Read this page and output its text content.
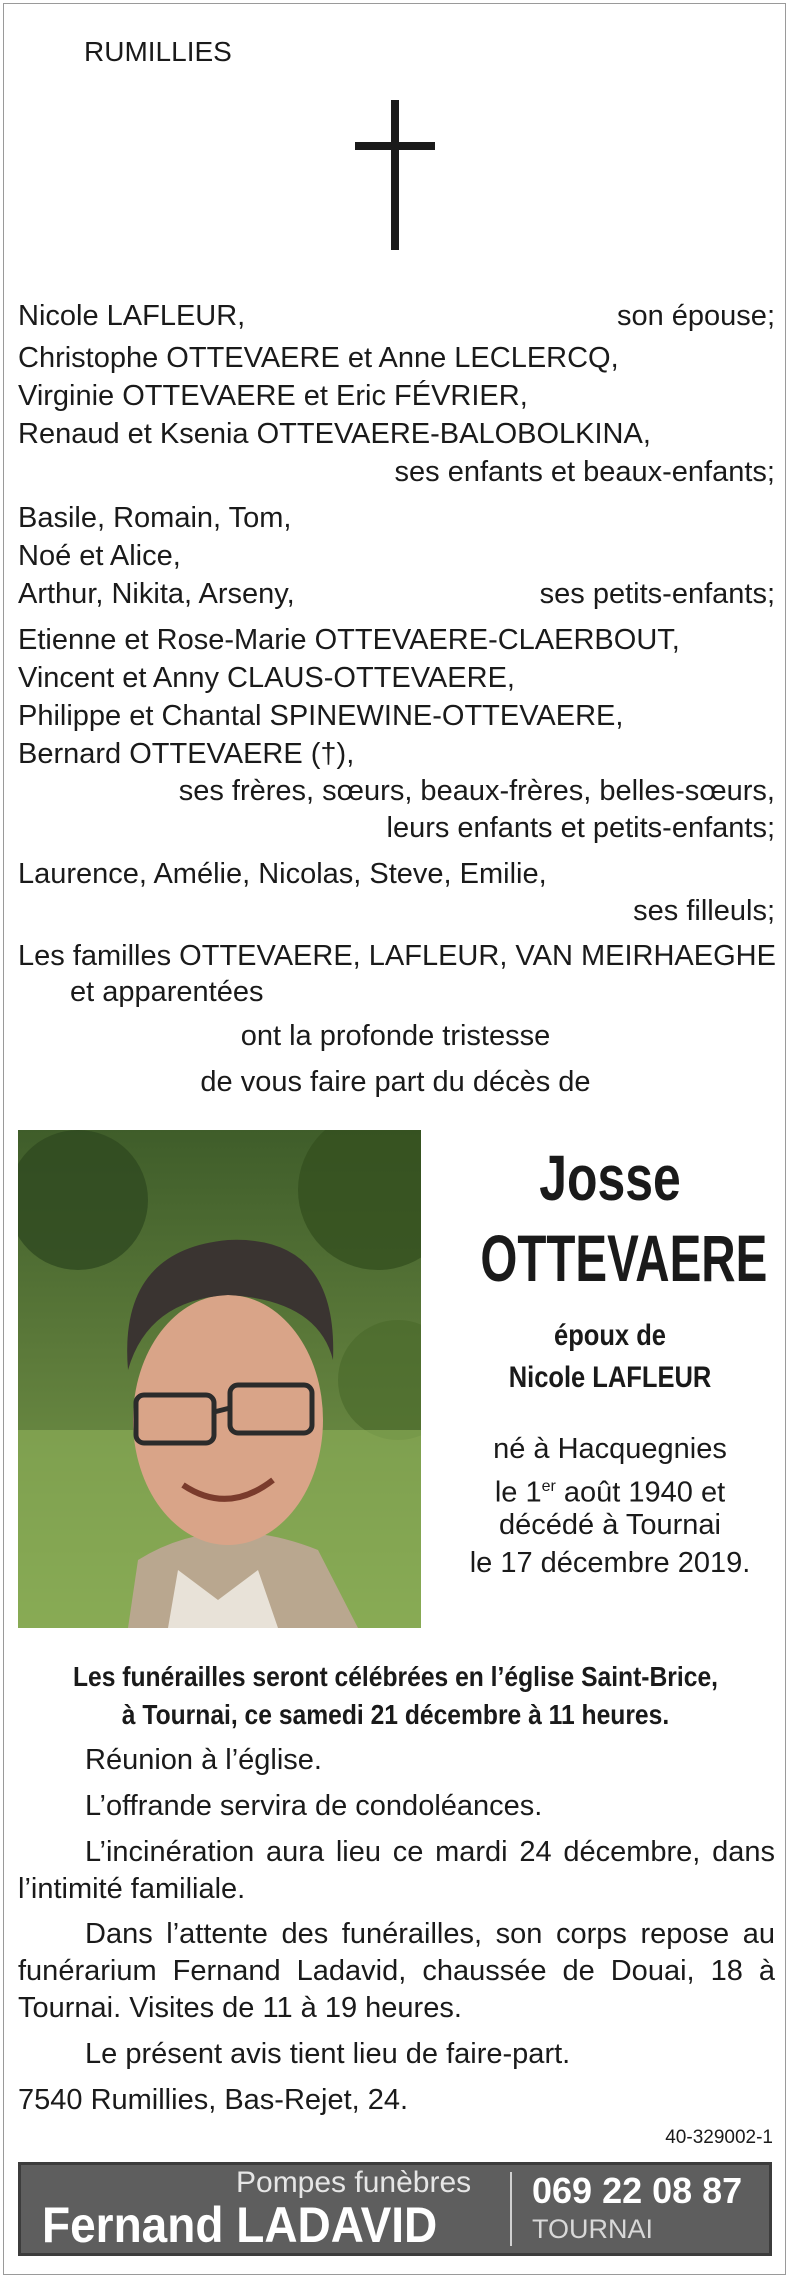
RUMILLIES
Nicole LAFLEUR,	son épouse;
Christophe OTTEVAERE et Anne LECLERCQ,
Virginie OTTEVAERE et Eric FÉVRIER,
Renaud et Ksenia OTTEVAERE-BALOBOLKINA,
ses enfants et beaux-enfants;
Basile, Romain, Tom,
Noé et Alice,
Arthur, Nikita, Arseny,	ses petits-enfants;
Etienne et Rose-Marie OTTEVAERE-CLAERBOUT,
Vincent et Anny CLAUS-OTTEVAERE,
Philippe et Chantal SPINEWINE-OTTEVAERE,
Bernard OTTEVAERE (†),
ses frères, sœurs, beaux-frères, belles-sœurs,
leurs enfants et petits-enfants;
Laurence, Amélie, Nicolas, Steve, Emilie,
ses filleuls;
Les familles OTTEVAERE, LAFLEUR, VAN MEIRHAEGHE
et apparentées
ont la profonde tristesse
de vous faire part du décès de
Josse
OTTEVAERE
époux de
Nicole LAFLEUR
né à Hacquegnies
le 1er août 1940 et
décédé à Tournai
le 17 décembre 2019.
Les funérailles seront célébrées en l’église Saint-Brice,
à Tournai, ce samedi 21 décembre à 11 heures.
Réunion à l’église.
L’offrande servira de condoléances.
L’incinération aura lieu ce mardi 24 décembre, dans l’intimité familiale.
Dans l’attente des funérailles, son corps repose au funérarium Fernand Ladavid, chaussée de Douai, 18 à Tournai. Visites de 11 à 19 heures.
Le présent avis tient lieu de faire-part.
7540 Rumillies, Bas-Rejet, 24.
40-329002-1
Pompes funèbres
Fernand LADAVID
069 22 08 87
TOURNAI
